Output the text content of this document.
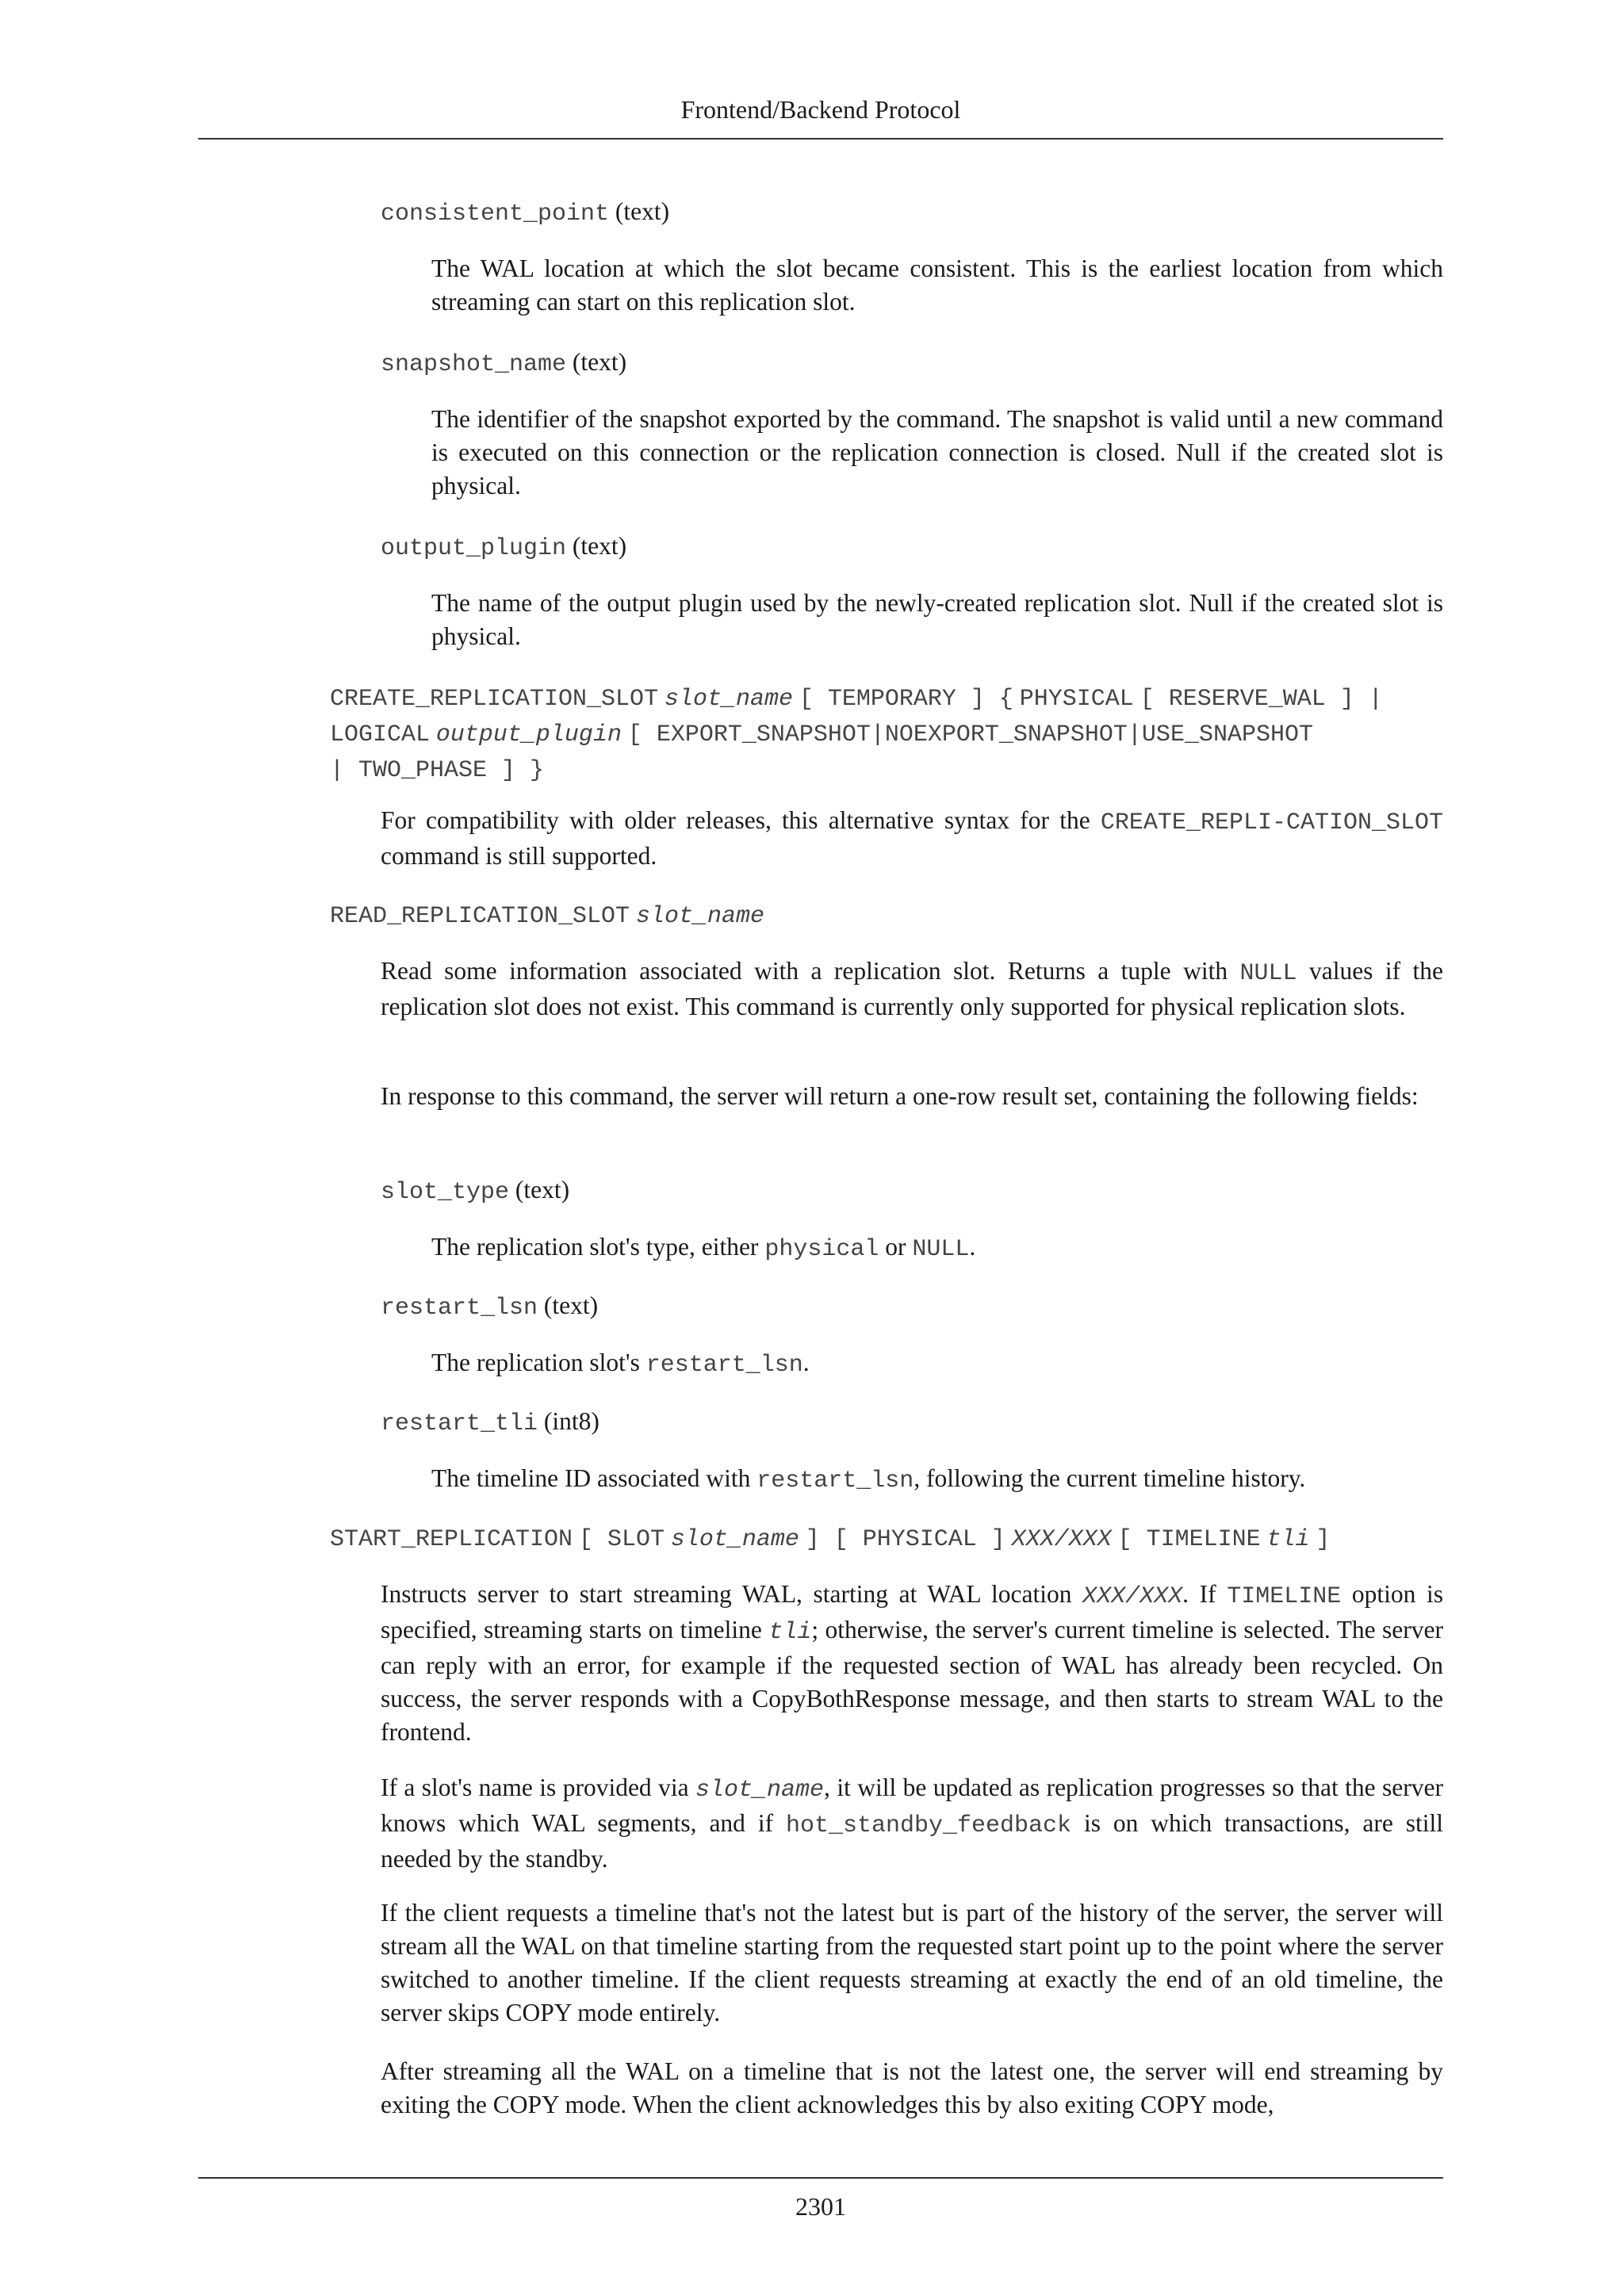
Frontend/Backend Protocol
consistent_point (text)
The WAL location at which the slot became consistent. This is the earliest location from which streaming can start on this replication slot.
snapshot_name (text)
The identifier of the snapshot exported by the command. The snapshot is valid until a new command is executed on this connection or the replication connection is closed. Null if the created slot is physical.
output_plugin (text)
The name of the output plugin used by the newly-created replication slot. Null if the created slot is physical.
CREATE_REPLICATION_SLOT slot_name [ TEMPORARY ] { PHYSICAL [ RESERVE_WAL ] |
LOGICAL output_plugin [ EXPORT_SNAPSHOT|NOEXPORT_SNAPSHOT|USE_SNAPSHOT
| TWO_PHASE ] }
For compatibility with older releases, this alternative syntax for the CREATE_REPLI-CATION_SLOT command is still supported.
READ_REPLICATION_SLOT slot_name
Read some information associated with a replication slot. Returns a tuple with NULL values if the replication slot does not exist. This command is currently only supported for physical replication slots.
In response to this command, the server will return a one-row result set, containing the following fields:
slot_type (text)
The replication slot's type, either physical or NULL.
restart_lsn (text)
The replication slot's restart_lsn.
restart_tli (int8)
The timeline ID associated with restart_lsn, following the current timeline history.
START_REPLICATION [ SLOT slot_name ] [ PHYSICAL ] XXX/XXX [ TIMELINE tli ]
Instructs server to start streaming WAL, starting at WAL location XXX/XXX. If TIMELINE option is specified, streaming starts on timeline tli; otherwise, the server's current timeline is selected. The server can reply with an error, for example if the requested section of WAL has already been recycled. On success, the server responds with a CopyBothResponse message, and then starts to stream WAL to the frontend.
If a slot's name is provided via slot_name, it will be updated as replication progresses so that the server knows which WAL segments, and if hot_standby_feedback is on which transactions, are still needed by the standby.
If the client requests a timeline that's not the latest but is part of the history of the server, the server will stream all the WAL on that timeline starting from the requested start point up to the point where the server switched to another timeline. If the client requests streaming at exactly the end of an old timeline, the server skips COPY mode entirely.
After streaming all the WAL on a timeline that is not the latest one, the server will end streaming by exiting the COPY mode. When the client acknowledges this by also exiting COPY mode,
2301
